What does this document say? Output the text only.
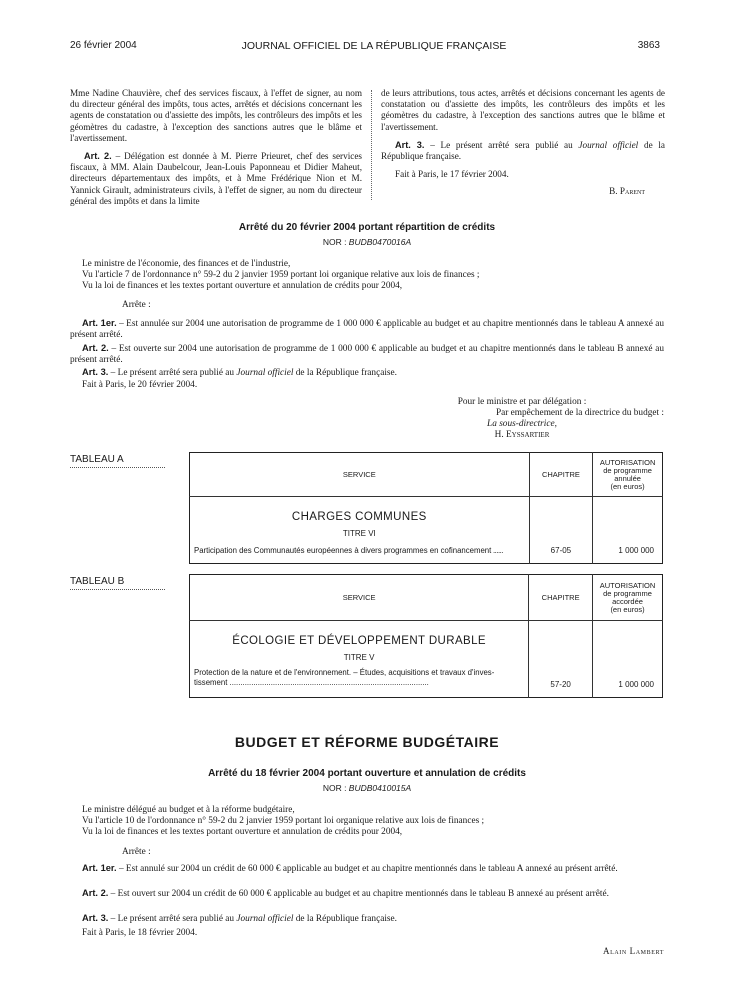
26 février 2004	JOURNAL OFFICIEL DE LA RÉPUBLIQUE FRANÇAISE	3863

Mme Nadine Chauvière, chef des services fiscaux, à l'effet de signer, au nom du directeur général des impôts, tous actes, arrêtés et décisions concernant les agents de constatation ou d'assiette des impôts, les contrôleurs des impôts et les géomètres du cadastre, à l'exception des sanctions autres que le blâme et l'avertissement.

Art. 2. – Délégation est donnée à M. Pierre Prieuret, chef des services fiscaux, à MM. Alain Daubelcour, Jean-Louis Paponneau et Didier Maheut, directeurs départementaux des impôts, et à Mme Frédérique Nion et M. Yannick Girault, administrateurs civils, à l'effet de signer, au nom du directeur général des impôts et dans la limite

de leurs attributions, tous actes, arrêtés et décisions concernant les agents de constatation ou d'assiette des impôts, les contrôleurs des impôts et les géomètres du cadastre, à l'exception des sanctions autres que le blâme et l'avertissement.

Art. 3. – Le présent arrêté sera publié au Journal officiel de la République française.

Fait à Paris, le 17 février 2004.

B. Parent

Arrêté du 20 février 2004 portant répartition de crédits
NOR : BUDB0470016A
Le ministre de l'économie, des finances et de l'industrie,
Vu l'article 7 de l'ordonnance n° 59-2 du 2 janvier 1959 portant loi organique relative aux lois de finances ;
Vu la loi de finances et les textes portant ouverture et annulation de crédits pour 2004,
Arrête :
Art. 1er. – Est annulée sur 2004 une autorisation de programme de 1 000 000 € applicable au budget et au chapitre mentionnés dans le tableau A annexé au présent arrêté.
Art. 2. – Est ouverte sur 2004 une autorisation de programme de 1 000 000 € applicable au budget et au chapitre mentionnés dans le tableau B annexé au présent arrêté.
Art. 3. – Le présent arrêté sera publié au Journal officiel de la République française.
Fait à Paris, le 20 février 2004.
Pour le ministre et par délégation :
Par empêchement de la directrice du budget :
La sous-directrice,
H. Eyssartier
TABLEAU A
SERVICE	CHAPITRE	AUTORISATION
de programme
annulée
(en euros)

CHARGES COMMUNES
TITRE VI
Participation des Communautés européennes à divers programmes en cofinancement ......	67-05	1 000 000
TABLEAU B
SERVICE	CHAPITRE	AUTORISATION
de programme
accordée
(en euros)

ÉCOLOGIE ET DÉVELOPPEMENT DURABLE
TITRE V
Protection de la nature et de l'environnement. – Études, acquisitions et travaux d'inves-
tissement ............................................................................................	57-20	1 000 000
BUDGET ET RÉFORME BUDGÉTAIRE
Arrêté du 18 février 2004 portant ouverture et annulation de crédits
NOR : BUDB0410015A
Le ministre délégué au budget et à la réforme budgétaire,
Vu l'article 10 de l'ordonnance n° 59-2 du 2 janvier 1959 portant loi organique relative aux lois de finances ;
Vu la loi de finances et les textes portant ouverture et annulation de crédits pour 2004,
Arrête :
Art. 1er. – Est annulé sur 2004 un crédit de 60 000 € applicable au budget et au chapitre mentionnés dans le tableau A annexé au présent arrêté.
Art. 2. – Est ouvert sur 2004 un crédit de 60 000 € applicable au budget et au chapitre mentionnés dans le tableau B annexé au présent arrêté.
Art. 3. – Le présent arrêté sera publié au Journal officiel de la République française.
Fait à Paris, le 18 février 2004.
Alain Lambert
